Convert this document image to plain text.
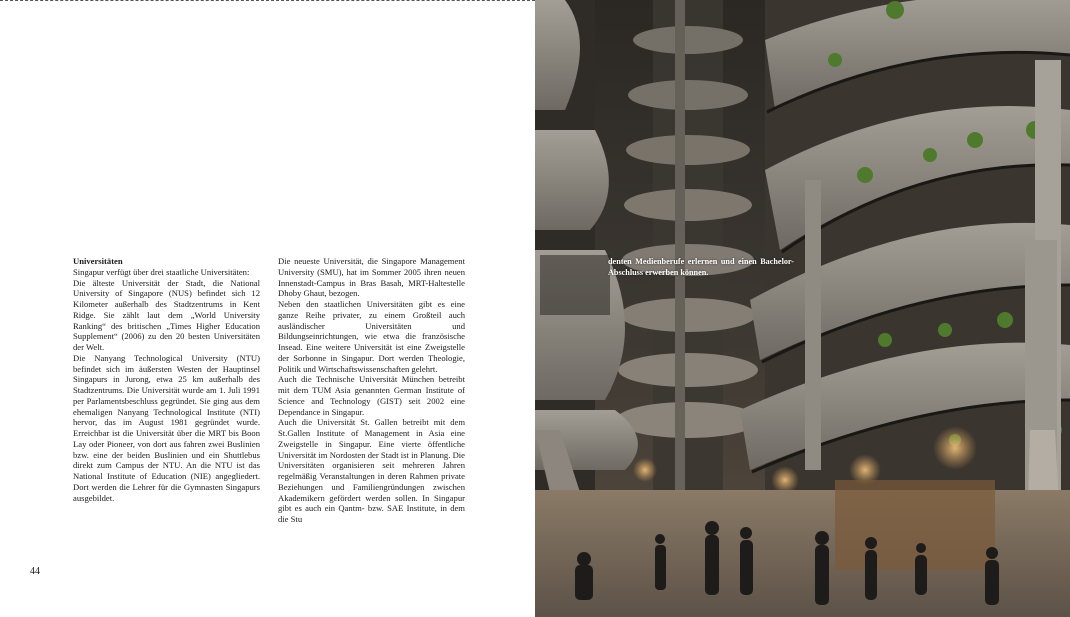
Universitäten

Singapur verfügt über drei staatliche Universitäten:

Die älteste Universität der Stadt, die National University of Singapore (NUS) befindet sich 12 Kilometer außerhalb des Stadtzentrums in Kent Ridge. Sie zählt laut dem „World University Ranking“ des britischen „Times Higher Education Supplement“ (2006) zu den 20 besten Universitäten der Welt.

Die Nanyang Technological University (NTU) befindet sich im äußersten Westen der Hauptinsel Singapurs in Jurong, etwa 25 km außerhalb des Stadtzentrums. Die Universität wurde am 1. Juli 1991 per Parlamentsbeschluss gegründet. Sie ging aus dem ehemaligen Nanyang Technological Institute (NTI) hervor, das im August 1981 gegründet wurde. Erreichbar ist die Universität über die MRT bis Boon Lay oder Pioneer, von dort aus fahren zwei Buslinien bzw. eine der beiden Buslinien und ein Shuttlebus direkt zum Campus der NTU. An die NTU ist das National Institute of Education (NIE) angegliedert. Dort werden die Lehrer für die Gymnasten Singapurs ausgebildet.

Die neueste Universität, die Singapore Management University (SMU), hat im Sommer 2005 ihren neuen Innenstadt-Campus in Bras Basah, MRT-Haltestelle Dhoby Ghaut, bezogen.

Neben den staatlichen Universitäten gibt es eine ganze Reihe privater, zu einem Großteil auch ausländischer Universitäten und Bildungseinrichtungen, wie etwa die französische Insead. Eine weitere Universität ist eine Zweigstelle der Sorbonne in Singapur. Dort werden Theologie, Politik und Wirtschaftswissenschaften gelehrt.

Auch die Technische Universität München betreibt mit dem TUM Asia genannten German Institute of Science and Technology (GIST) seit 2002 eine Dependance in Singapur.

Auch die Universität St. Gallen betreibt mit dem St.Gallen Institute of Management in Asia eine Zweigstelle in Singapur. Eine vierte öffentliche Universität im Nordosten der Stadt ist in Planung. Die Universitäten organisieren seit mehreren Jahren regelmäßig Veranstaltungen in deren Rahmen private Beziehungen und Familiengründungen zwischen Akademikern gefördert werden sollen. In Singapur gibt es auch ein Qantm- bzw. SAE Institute, in dem die Stu

44
denten Medienberufe erlernen und einen Bachelor-Abschluss erwerben können.
